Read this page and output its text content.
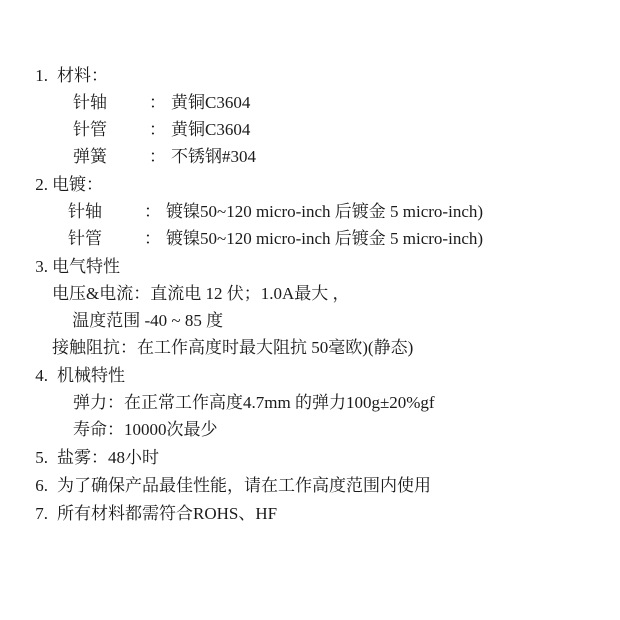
1. 材料：
针轴	： 黄铜C3604
针管	： 黄铜C3604
弹簧	： 不锈钢#304
2. 电镀：
针轴	： 镀镍50~120 micro-inch 后镀金 5 micro-inch)
针管	： 镀镍50~120 micro-inch 后镀金 5 micro-inch)
3. 电气特性
电压&电流：直流电 12 伏；1.0A最大 ，
温度范围 -40 ~ 85 度
接触阻抗：在工作高度时最大阻抗 50毫欧)(静态)
4. 机械特性
弹力：在正常工作高度4.7mm 的弹力100g±20%gf
寿命：10000次最少
5. 盐雾：48小时
6. 为了确保产品最佳性能，请在工作高度范围内使用
7. 所有材料都需符合ROHS、HF
